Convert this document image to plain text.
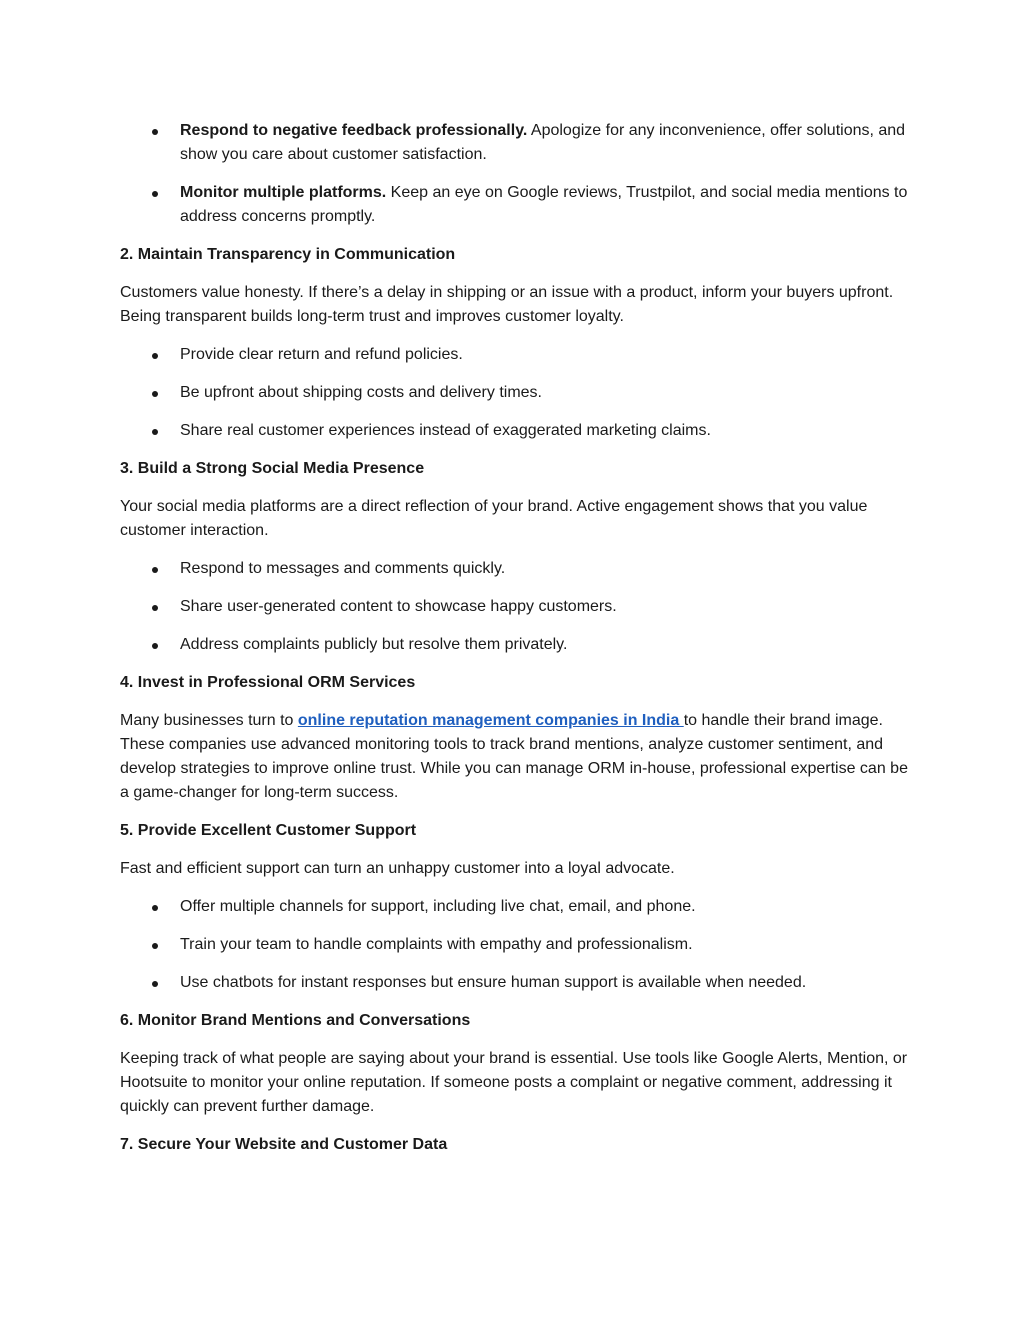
Respond to negative feedback professionally. Apologize for any inconvenience, offer solutions, and show you care about customer satisfaction.
Monitor multiple platforms. Keep an eye on Google reviews, Trustpilot, and social media mentions to address concerns promptly.
2. Maintain Transparency in Communication

Customers value honesty. If there’s a delay in shipping or an issue with a product, inform your buyers upfront. Being transparent builds long-term trust and improves customer loyalty.

Provide clear return and refund policies.
Be upfront about shipping costs and delivery times.
Share real customer experiences instead of exaggerated marketing claims.
3. Build a Strong Social Media Presence

Your social media platforms are a direct reflection of your brand. Active engagement shows that you value customer interaction.

Respond to messages and comments quickly.
Share user-generated content to showcase happy customers.
Address complaints publicly but resolve them privately.
4. Invest in Professional ORM Services

Many businesses turn to online reputation management companies in India to handle their brand image. These companies use advanced monitoring tools to track brand mentions, analyze customer sentiment, and develop strategies to improve online trust. While you can manage ORM in-house, professional expertise can be a game-changer for long-term success.

5. Provide Excellent Customer Support

Fast and efficient support can turn an unhappy customer into a loyal advocate.

Offer multiple channels for support, including live chat, email, and phone.
Train your team to handle complaints with empathy and professionalism.
Use chatbots for instant responses but ensure human support is available when needed.
6. Monitor Brand Mentions and Conversations

Keeping track of what people are saying about your brand is essential. Use tools like Google Alerts, Mention, or Hootsuite to monitor your online reputation. If someone posts a complaint or negative comment, addressing it quickly can prevent further damage.

7. Secure Your Website and Customer Data
